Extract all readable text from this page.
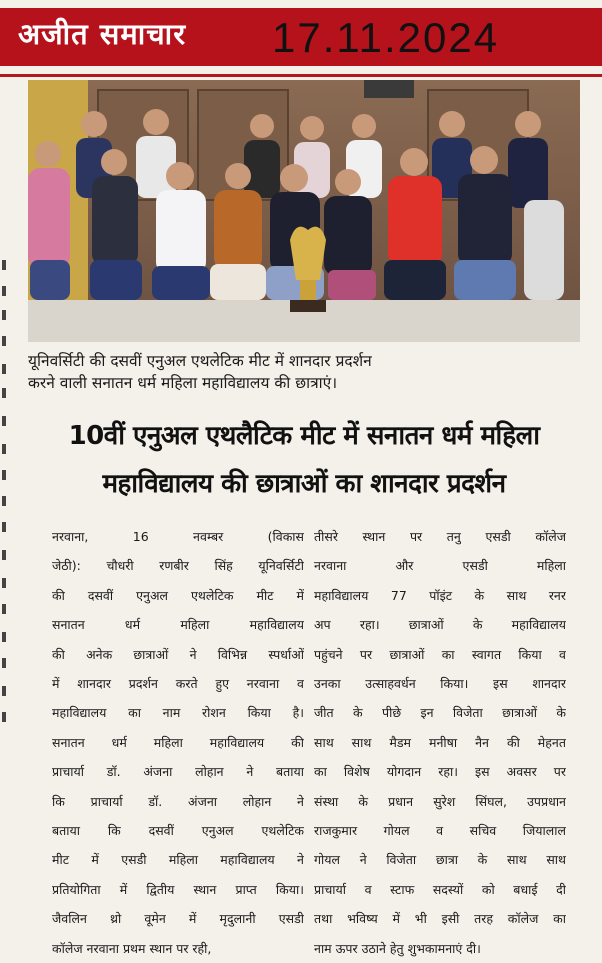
अजीत समाचार 17.11.2024
यूनिवर्सिटी की दसवीं एनुअल एथलेटिक मीट में शानदार प्रदर्शन
करने वाली सनातन धर्म महिला महाविद्यालय की छात्राएं।
10वीं एनुअल एथलैटिक मीट में सनातन धर्म महिला
महाविद्यालय की छात्राओं का शानदार प्रदर्शन
नरवाना, 16 नवम्बर (विकास
जेठी): चौधरी रणबीर सिंह यूनिवर्सिटी
की दसवीं एनुअल एथलेटिक मीट में
सनातन धर्म महिला महाविद्यालय
की अनेक छात्राओं ने विभिन्न स्पर्धाओं
में शानदार प्रदर्शन करते हुए नरवाना व
महाविद्यालय का नाम रोशन किया है।
सनातन धर्म महिला महाविद्यालय की
प्राचार्या डॉ. अंजना लोहान ने बताया
कि प्राचार्या डॉ. अंजना लोहान ने
बताया कि दसवीं एनुअल एथलेटिक
मीट में एसडी महिला महाविद्यालय ने
प्रतियोगिता में द्वितीय स्थान प्राप्त किया।
जैवलिन थ्रो वूमेन में मृदुलानी एसडी
कॉलेज नरवाना प्रथम स्थान पर रही,
तीसरे स्थान पर तनु एसडी कॉलेज
नरवाना और एसडी महिला
महाविद्यालय 77 पॉइंट के साथ रनर
अप रहा। छात्राओं के महाविद्यालय
पहुंचने पर छात्राओं का स्वागत किया व
उनका उत्साहवर्धन किया। इस शानदार
जीत के पीछे इन विजेता छात्राओं के
साथ साथ मैडम मनीषा नैन की मेहनत
का विशेष योगदान रहा। इस अवसर पर
संस्था के प्रधान सुरेश सिंघल, उपप्रधान
राजकुमार गोयल व सचिव जियालाल
गोयल ने विजेता छात्रा के साथ साथ
प्राचार्या व स्टाफ सदस्यों को बधाई दी
तथा भविष्य में भी इसी तरह कॉलेज का
नाम ऊपर उठाने हेतु शुभकामनाएं दी।
